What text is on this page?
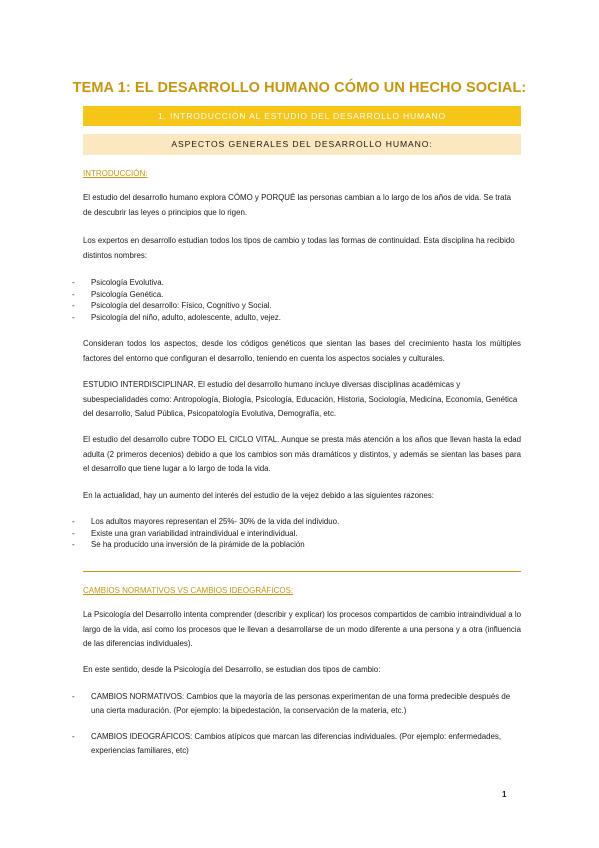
TEMA 1: EL DESARROLLO HUMANO CÓMO UN HECHO SOCIAL:
1. INTRODUCCIÓN AL ESTUDIO DEL DESARROLLO HUMANO
ASPECTOS GENERALES DEL DESARROLLO HUMANO:
INTRODUCCIÓN:
El estudio del desarrollo humano explora CÓMO y PORQUÉ las personas cambian a lo largo de los años de vida. Se trata de descubrir las leyes o principios que lo rigen.
Los expertos en desarrollo estudian todos los tipos de cambio y todas las formas de continuidad. Esta disciplina ha recibido distintos nombres:
- Psicología Evolutiva.
- Psicología Genética.
- Psicología del desarrollo: Físico, Cognitivo y Social.
- Psicología del niño, adulto, adolescente, adulto, vejez.
Consideran todos los aspectos, desde los códigos genéticos que sientan las bases del crecimiento hasta los múltiples factores del entorno que configuran el desarrollo, teniendo en cuenta los aspectos sociales y culturales.
ESTUDIO INTERDISCIPLINAR. El estudio del desarrollo humano incluye diversas disciplinas académicas y subespecialidades como: Antropología, Biología, Psicología, Educación, Historia, Sociología, Medicina, Economía, Genética del desarrollo, Salud Pública, Psicopatología Evolutiva, Demografía, etc.
El estudio del desarrollo cubre TODO EL CICLO VITAL. Aunque se presta más atención a los años que llevan hasta la edad adulta (2 primeros decenios) debido a que los cambios son más dramáticos y distintos, y además se sientan las bases para el desarrollo que tiene lugar a lo largo de toda la vida.
En la actualidad, hay un aumento del interés del estudio de la vejez debido a las siguientes razones:
- Los adultos mayores representan el 25%- 30% de la vida del individuo.
- Existe una gran variabilidad intraindividual e interindividual.
- Se ha producido una inversión de la pirámide de la población
CAMBIOS NORMATIVOS VS CAMBIOS IDEOGRÁFICOS:
La Psicología del Desarrollo intenta comprender (describir y explicar) los procesos compartidos de cambio intraindividual a lo largo de la vida, así como los procesos que le llevan a desarrollarse de un modo diferente a una persona y a otra (influencia de las diferencias individuales).
En este sentido, desde la Psicología del Desarrollo, se estudian dos tipos de cambio:
- CAMBIOS NORMATIVOS: Cambios que la mayoría de las personas experimentan de una forma predecible después de una cierta maduración. (Por ejemplo: la bipedestación, la conservación de la materia, etc.)
- CAMBIOS IDEOGRÁFICOS: Cambios atípicos que marcan las diferencias individuales. (Por ejemplo: enfermedades, experiencias familiares, etc)
1
